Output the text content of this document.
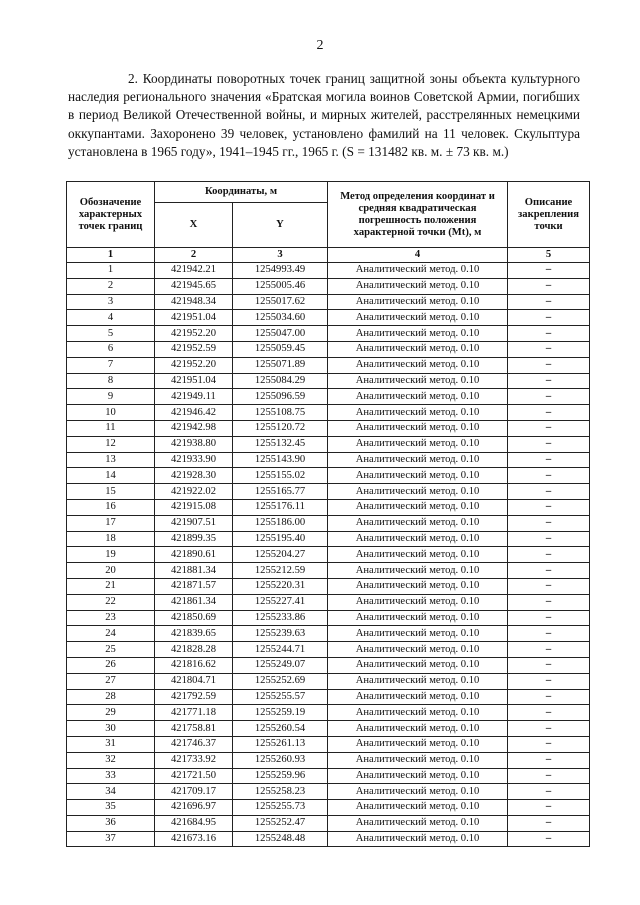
2

2. Координаты поворотных точек границ защитной зоны объекта культурного наследия регионального значения «Братская могила воинов Советской Армии, погибших в период Великой Отечественной войны, и мирных жителей, расстрелянных немецкими оккупантами. Захоронено 39 человек, установлено фамилий на 11 человек. Скульптура установлена в 1965 году», 1941–1945 гг., 1965 г. (S = 131482 кв. м. ± 73 кв. м.)

Обозначение характерных точек границ	Координаты, м		Метод определения координат и средняя квадратическая погрешность положения характерной точки (Mt), м	Описание закрепления точки
	X	Y		
1	2	3	4	5
1	421942.21	1254993.49	Аналитический метод. 0.10	–
2	421945.65	1255005.46	Аналитический метод. 0.10	–
3	421948.34	1255017.62	Аналитический метод. 0.10	–
4	421951.04	1255034.60	Аналитический метод. 0.10	–
5	421952.20	1255047.00	Аналитический метод. 0.10	–
6	421952.59	1255059.45	Аналитический метод. 0.10	–
7	421952.20	1255071.89	Аналитический метод. 0.10	–
8	421951.04	1255084.29	Аналитический метод. 0.10	–
9	421949.11	1255096.59	Аналитический метод. 0.10	–
10	421946.42	1255108.75	Аналитический метод. 0.10	–
11	421942.98	1255120.72	Аналитический метод. 0.10	–
12	421938.80	1255132.45	Аналитический метод. 0.10	–
13	421933.90	1255143.90	Аналитический метод. 0.10	–
14	421928.30	1255155.02	Аналитический метод. 0.10	–
15	421922.02	1255165.77	Аналитический метод. 0.10	–
16	421915.08	1255176.11	Аналитический метод. 0.10	–
17	421907.51	1255186.00	Аналитический метод. 0.10	–
18	421899.35	1255195.40	Аналитический метод. 0.10	–
19	421890.61	1255204.27	Аналитический метод. 0.10	–
20	421881.34	1255212.59	Аналитический метод. 0.10	–
21	421871.57	1255220.31	Аналитический метод. 0.10	–
22	421861.34	1255227.41	Аналитический метод. 0.10	–
23	421850.69	1255233.86	Аналитический метод. 0.10	–
24	421839.65	1255239.63	Аналитический метод. 0.10	–
25	421828.28	1255244.71	Аналитический метод. 0.10	–
26	421816.62	1255249.07	Аналитический метод. 0.10	–
27	421804.71	1255252.69	Аналитический метод. 0.10	–
28	421792.59	1255255.57	Аналитический метод. 0.10	–
29	421771.18	1255259.19	Аналитический метод. 0.10	–
30	421758.81	1255260.54	Аналитический метод. 0.10	–
31	421746.37	1255261.13	Аналитический метод. 0.10	–
32	421733.92	1255260.93	Аналитический метод. 0.10	–
33	421721.50	1255259.96	Аналитический метод. 0.10	–
34	421709.17	1255258.23	Аналитический метод. 0.10	–
35	421696.97	1255255.73	Аналитический метод. 0.10	–
36	421684.95	1255252.47	Аналитический метод. 0.10	–
37	421673.16	1255248.48	Аналитический метод. 0.10	–
